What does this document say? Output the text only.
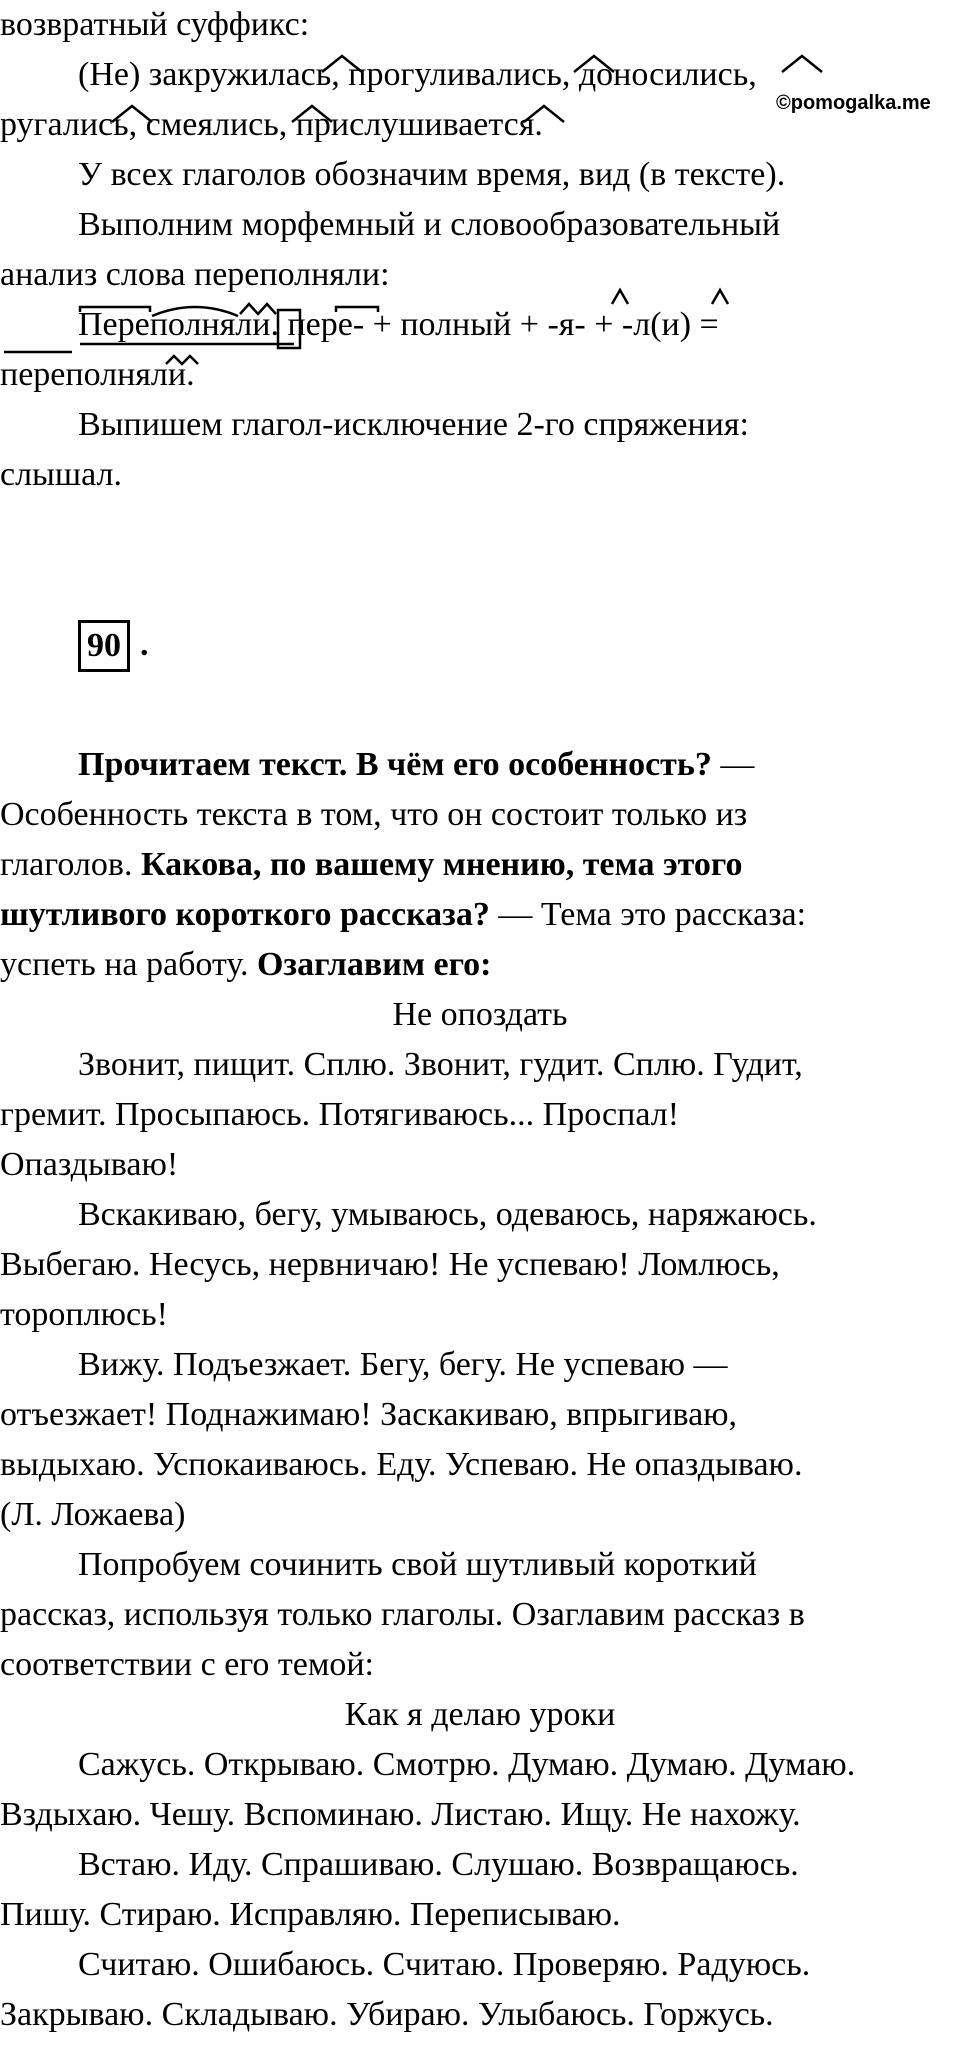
©pomogalka.me
возвратный суффикс:
(Не) закружилась, прогуливались, доносились,
ругались, смеялись, прислушивается.
У всех глаголов обозначим время, вид (в тексте).
Выполним морфемный и словообразовательный
анализ слова переполняли:
Переполняли. пере- + полный + -я- + -л(и) =
переполняли.
Выпишем глагол-исключение 2-го спряжения:
слышал.
90 .
Прочитаем текст. В чём его особенность? —
Особенность текста в том, что он состоит только из
глаголов. Какова, по вашему мнению, тема этого
шутливого короткого рассказа? — Тема это рассказа:
успеть на работу. Озаглавим его:
Не опоздать
Звонит, пищит. Сплю. Звонит, гудит. Сплю. Гудит,
гремит. Просыпаюсь. Потягиваюсь... Проспал!
Опаздываю!
Вскакиваю, бегу, умываюсь, одеваюсь, наряжаюсь.
Выбегаю. Несусь, нервничаю! Не успеваю! Ломлюсь,
тороплюсь!
Вижу. Подъезжает. Бегу, бегу. Не успеваю —
отъезжает! Поднажимаю! Заскакиваю, впрыгиваю,
выдыхаю. Успокаиваюсь. Еду. Успеваю. Не опаздываю.
(Л. Ложаева)
Попробуем сочинить свой шутливый короткий
рассказ, используя только глаголы. Озаглавим рассказ в
соответствии с его темой:
Как я делаю уроки
Сажусь. Открываю. Смотрю. Думаю. Думаю. Думаю.
Вздыхаю. Чешу. Вспоминаю. Листаю. Ищу. Не нахожу.
Встаю. Иду. Спрашиваю. Слушаю. Возвращаюсь.
Пишу. Стираю. Исправляю. Переписываю.
Считаю. Ошибаюсь. Считаю. Проверяю. Радуюсь.
Закрываю. Складываю. Убираю. Улыбаюсь. Горжусь.
